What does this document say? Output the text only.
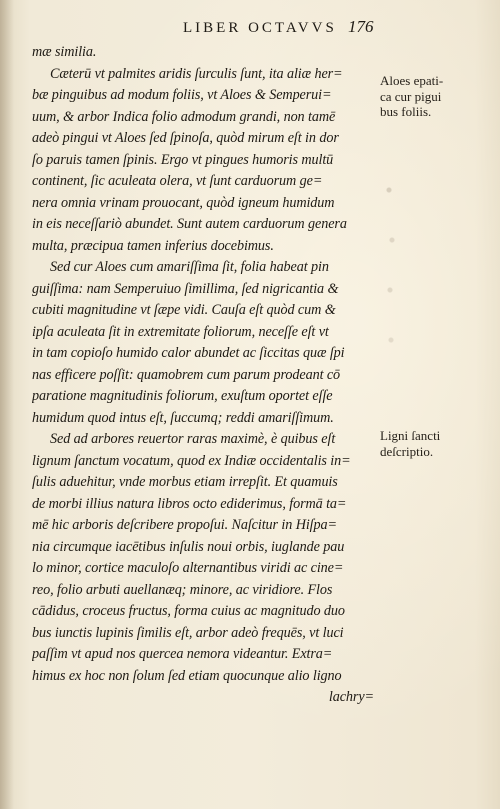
LIBER OCTAVVS 176
mæ similia.
Cæterū vt palmites aridis ſurculis ſunt, ita aliæ her=
bæ pinguibus ad modum foliis, vt Aloes & Semperui=
uum, & arbor Indica folio admodum grandi, non tamē
adeò pingui vt Aloes ſed ſpinoſa, quòd mirum eſt in dor
ſo paruis tamen ſpinis. Ergo vt pingues humoris multū
continent, ſic aculeata olera, vt ſunt carduorum ge=
nera omnia vrinam prouocant, quòd igneum humidum
in eis neceſſariò abundet. Sunt autem carduorum genera
multa, præcipua tamen inferius docebimus.
Sed cur Aloes cum amariſſima ſit, folia habeat pin
guiſſima: nam Semperuiuo ſimillima, ſed nigricantia &
cubiti magnitudine vt ſæpe vidi. Cauſa eſt quòd cum &
ipſa aculeata ſit in extremitate foliorum, neceſſe eſt vt
in tam copioſo humido calor abundet ac ſiccitas quæ ſpi
nas efficere poſſit: quamobrem cum parum prodeant cō
paratione magnitudinis foliorum, exuſtum oportet eſſe
humidum quod intus eſt, ſuccumq; reddi amariſſimum.
Sed ad arbores reuertor raras maximè, è quibus eſt
lignum ſanctum vocatum, quod ex Indiæ occidentalis in=
ſulis aduehitur, vnde morbus etiam irrepſit. Et quamuis
de morbi illius natura libros octo ediderimus, formā ta=
mē hic arboris deſcribere propoſui. Naſcitur in Hiſpa=
nia circumque iacētibus inſulis noui orbis, iuglande pau
lo minor, cortice maculoſo alternantibus viridi ac cine=
reo, folio arbuti auellanæq; minore, ac viridiore. Flos
cādidus, croceus fructus, forma cuius ac magnitudo duo
bus iunctis lupinis ſimilis eſt, arbor adeò frequēs, vt luci
paſſim vt apud nos quercea nemora videantur. Extra=
himus ex hoc non ſolum ſed etiam quocunque alio ligno
lachry=
Aloes epati-
ca cur pigui
bus foliis.
Ligni ſancti
deſcriptio.
